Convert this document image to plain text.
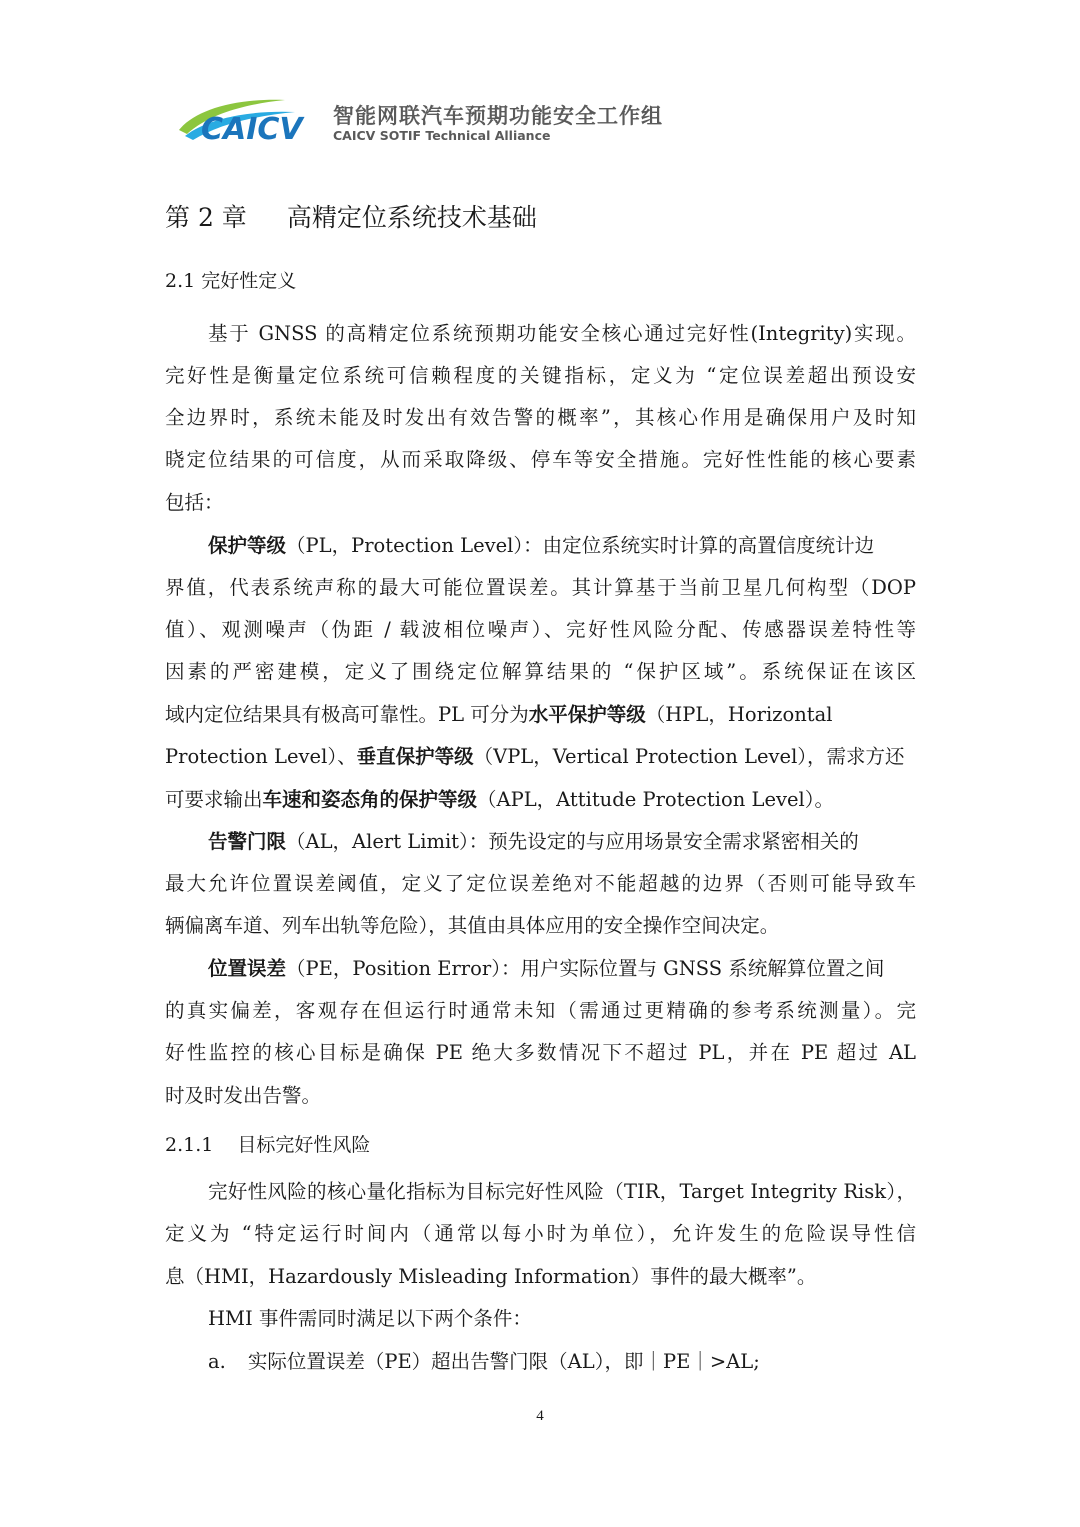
CAICV 智能网联汽车预期功能安全工作组
CAICV SOTIF Technical Alliance
第 2 章 高精定位系统技术基础
2.1 完好性定义
基于 GNSS 的高精定位系统预期功能安全核心通过完好性(Integrity)实现。
完好性是衡量定位系统可信赖程度的关键指标，定义为 “定位误差超出预设安
全边界时，系统未能及时发出有效告警的概率”，其核心作用是确保用户及时知
晓定位结果的可信度，从而采取降级、停车等安全措施。完好性性能的核心要素
包括：
保护等级（PL，Protection Level）：由定位系统实时计算的高置信度统计边
界值，代表系统声称的最大可能位置误差。其计算基于当前卫星几何构型（DOP
值）、观测噪声（伪距 / 载波相位噪声）、完好性风险分配、传感器误差特性等
因素的严密建模，定义了围绕定位解算结果的 “保护区域”。系统保证在该区
域内定位结果具有极高可靠性。PL 可分为水平保护等级（HPL，Horizontal
Protection Level）、垂直保护等级（VPL，Vertical Protection Level），需求方还
可要求输出车速和姿态角的保护等级（APL，Attitude Protection Level）。
告警门限（AL，Alert Limit）：预先设定的与应用场景安全需求紧密相关的
最大允许位置误差阈值，定义了定位误差绝对不能超越的边界（否则可能导致车
辆偏离车道、列车出轨等危险），其值由具体应用的安全操作空间决定。
位置误差（PE，Position Error）：用户实际位置与 GNSS 系统解算位置之间
的真实偏差，客观存在但运行时通常未知（需通过更精确的参考系统测量）。完
好性监控的核心目标是确保 PE 绝大多数情况下不超过 PL，并在 PE 超过 AL
时及时发出告警。
2.1.1 目标完好性风险
完好性风险的核心量化指标为目标完好性风险（TIR，Target Integrity Risk），
定义为 “特定运行时间内（通常以每小时为单位），允许发生的危险误导性信
息（HMI，Hazardously Misleading Information）事件的最大概率”。
HMI 事件需同时满足以下两个条件：
a. 实际位置误差（PE）超出告警门限（AL），即｜PE｜>AL;
4
